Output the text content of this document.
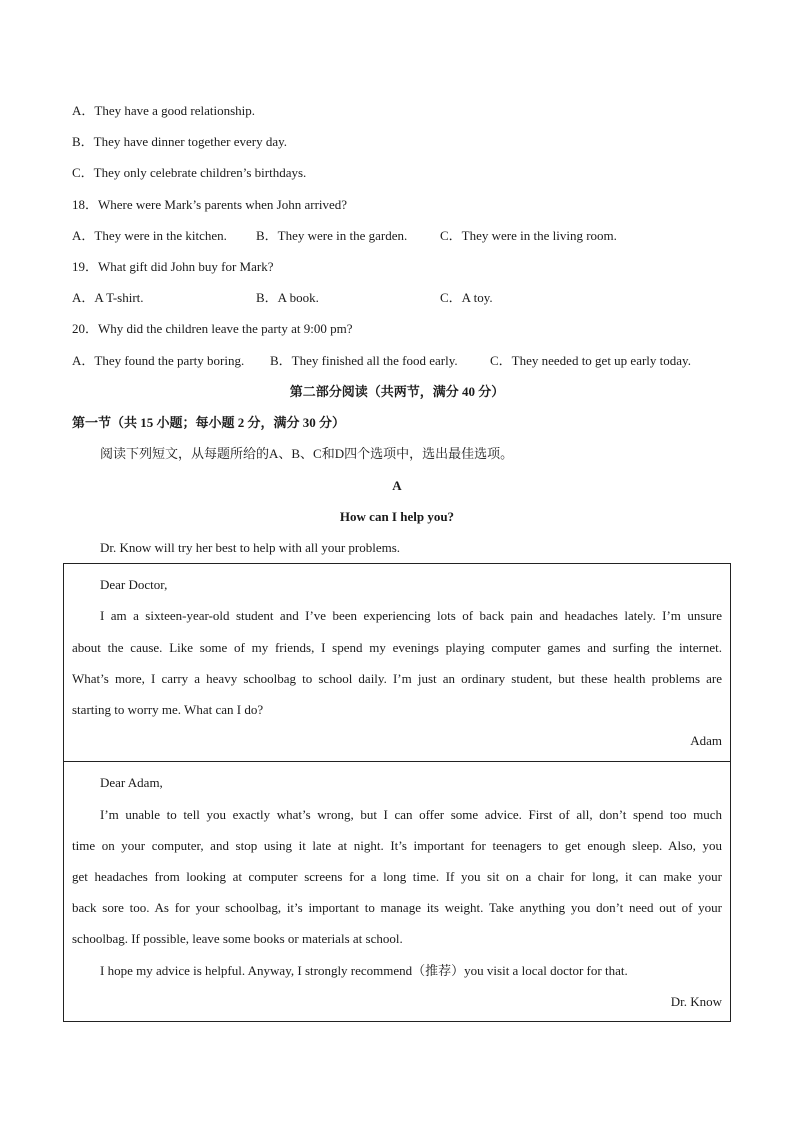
A．They have a good relationship.
B．They have dinner together every day.
C．They only celebrate children’s birthdays.
18．Where were Mark’s parents when John arrived?
A．They were in the kitchen. B．They were in the garden.	C．They were in the living room.
19．What gift did John buy for Mark?
A．A T-shirt.	B．A book.	C．A toy.
20．Why did the children leave the party at 9:00 pm?
A．They found the party boring. B．They finished all the food early. C．They needed to get up early today.
第二部分阅读（共两节，满分 40 分）
第一节（共 15 小题；每小题 2 分，满分 30 分）
阅读下列短文，从每题所给的A、B、C和D四个选项中，选出最佳选项。
A
How can I help you?
Dr. Know will try her best to help with all your problems.
Dear Doctor,
I am a sixteen-year-old student and I’ve been experiencing lots of back pain and headaches lately. I’m unsure
about the cause. Like some of my friends, I spend my evenings playing computer games and surfing the internet.
What’s more, I carry a heavy schoolbag to school daily. I’m just an ordinary student, but these health problems are
starting to worry me. What can I do?
Adam
Dear Adam,
I’m unable to tell you exactly what’s wrong, but I can offer some advice. First of all, don’t spend too much
time on your computer, and stop using it late at night. It’s important for teenagers to get enough sleep. Also, you
get headaches from looking at computer screens for a long time. If you sit on a chair for long, it can make your
back sore too. As for your schoolbag, it’s important to manage its weight. Take anything you don’t need out of your
schoolbag. If possible, leave some books or materials at school.
I hope my advice is helpful. Anyway, I strongly recommend（推荐）you visit a local doctor for that.
Dr. Know
